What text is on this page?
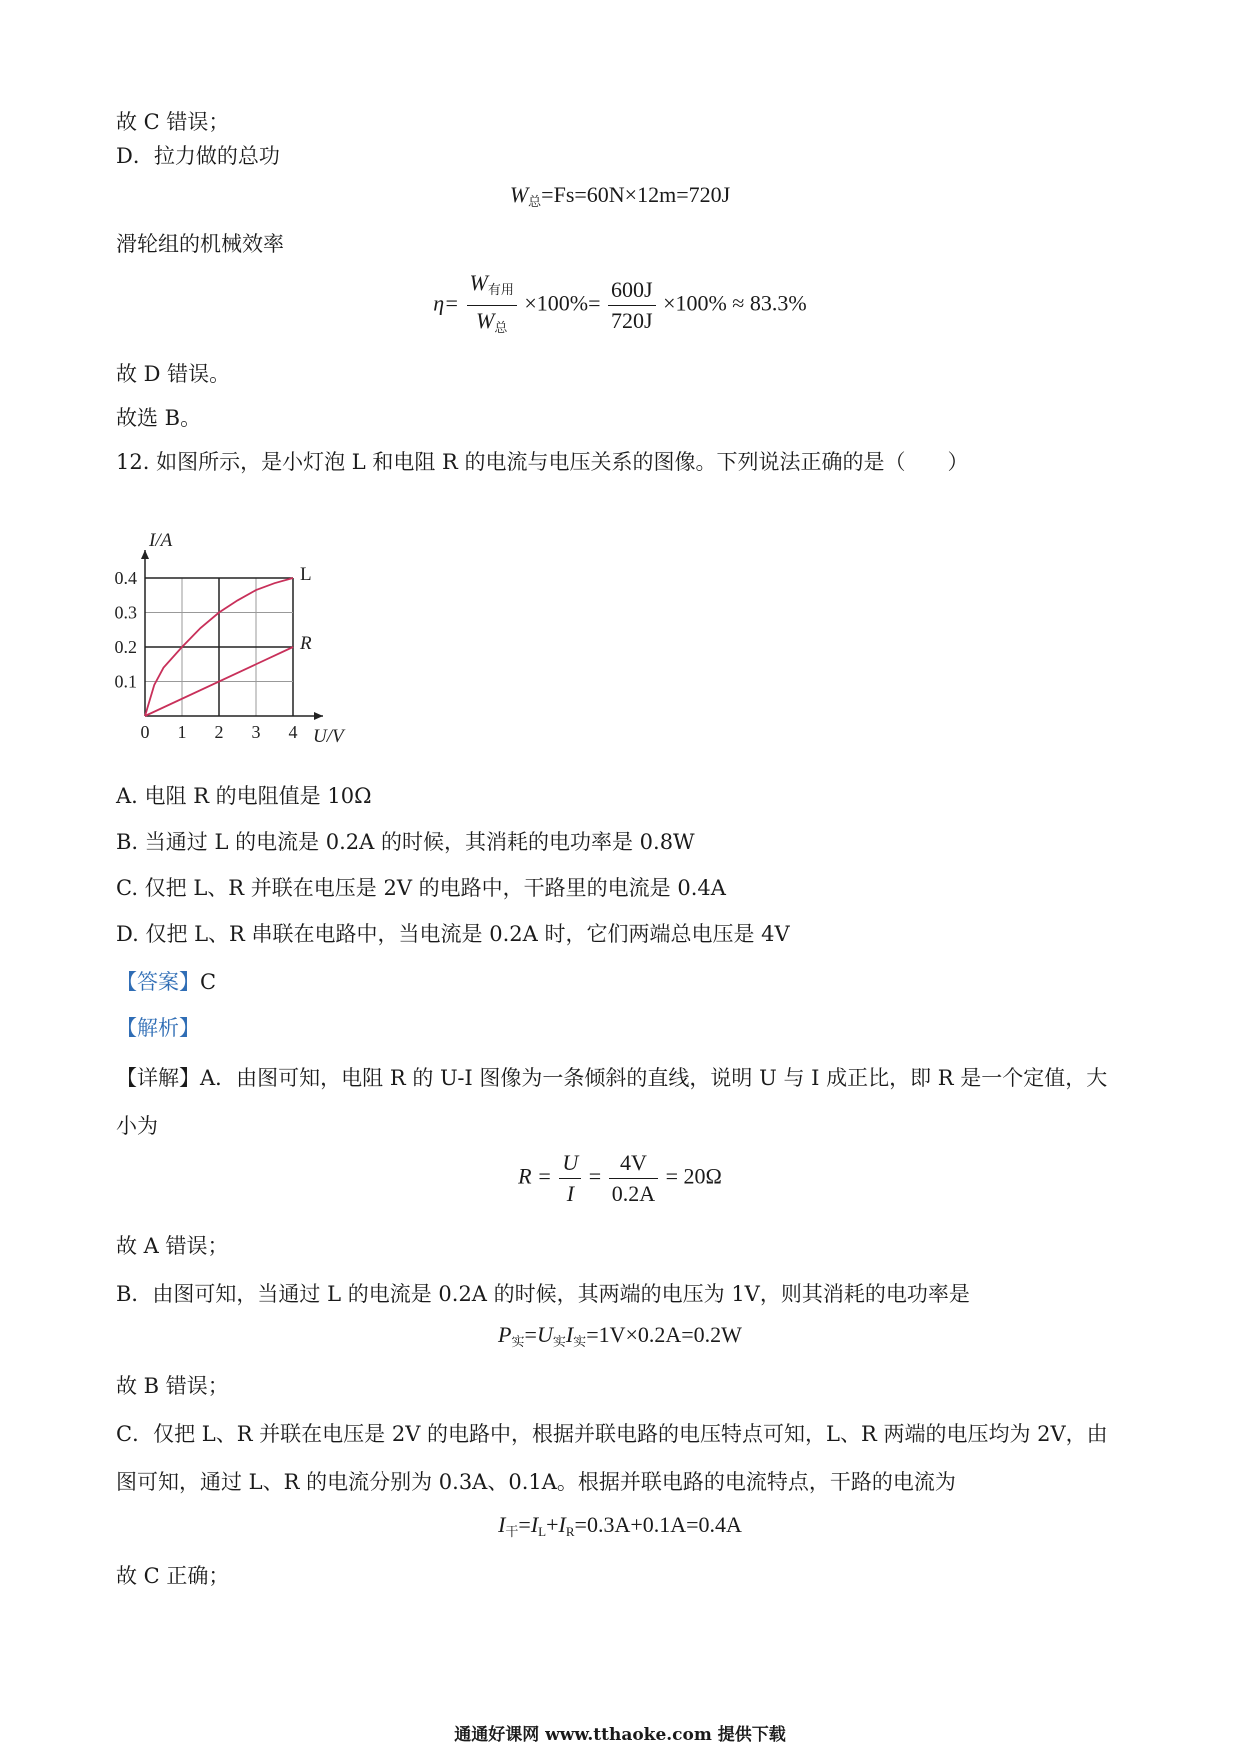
故 C 错误；
D．拉力做的总功
$W_总=Fs=60N\times 12m=720J$
滑轮组的机械效率
$\eta= \frac{W_{有用}}{W_总} \times 100\%= \frac{600J}{720J} \times 100\% \approx 83.3\%$
故 D 错误。
故选 B。
12. 如图所示，是小灯泡 L 和电阻 R 的电流与电压关系的图像。下列说法正确的是（　　）
0 1 2 3 4
0.1
0.2
0.3
0.4
U/V
I/A
L
R
A. 电阻 R 的电阻值是 10Ω
B. 当通过 L 的电流是 0.2A 的时候，其消耗的电功率是 0.8W
C. 仅把 L、R 并联在电压是 2V 的电路中，干路里的电流是 0.4A
D. 仅把 L、R 串联在电路中，当电流是 0.2A 时，它们两端总电压是 4V
【答案】C
【解析】
【详解】A．由图可知，电阻 R 的 U-I 图像为一条倾斜的直线，说明 U 与 I 成正比，即 R 是一个定值，大
小为
$R = \frac{U}{I} = \frac{4V}{0.2A} = 20\Omega$
故 A 错误；
B．由图可知，当通过 L 的电流是 0.2A 的时候，其两端的电压为 1V，则其消耗的电功率是
$P_实=U_实I_实=1V\times 0.2A=0.2W$
故 B 错误；
C．仅把 L、R 并联在电压是 2V 的电路中，根据并联电路的电压特点可知，L、R 两端的电压均为 2V，由
图可知，通过 L、R 的电流分别为 0.3A、0.1A。根据并联电路的电流特点，干路的电流为
$I_干=I_L+I_R=0.3A+0.1A=0.4A$
故 C 正确；
通通好课网 www.tthaoke.com 提供下载
